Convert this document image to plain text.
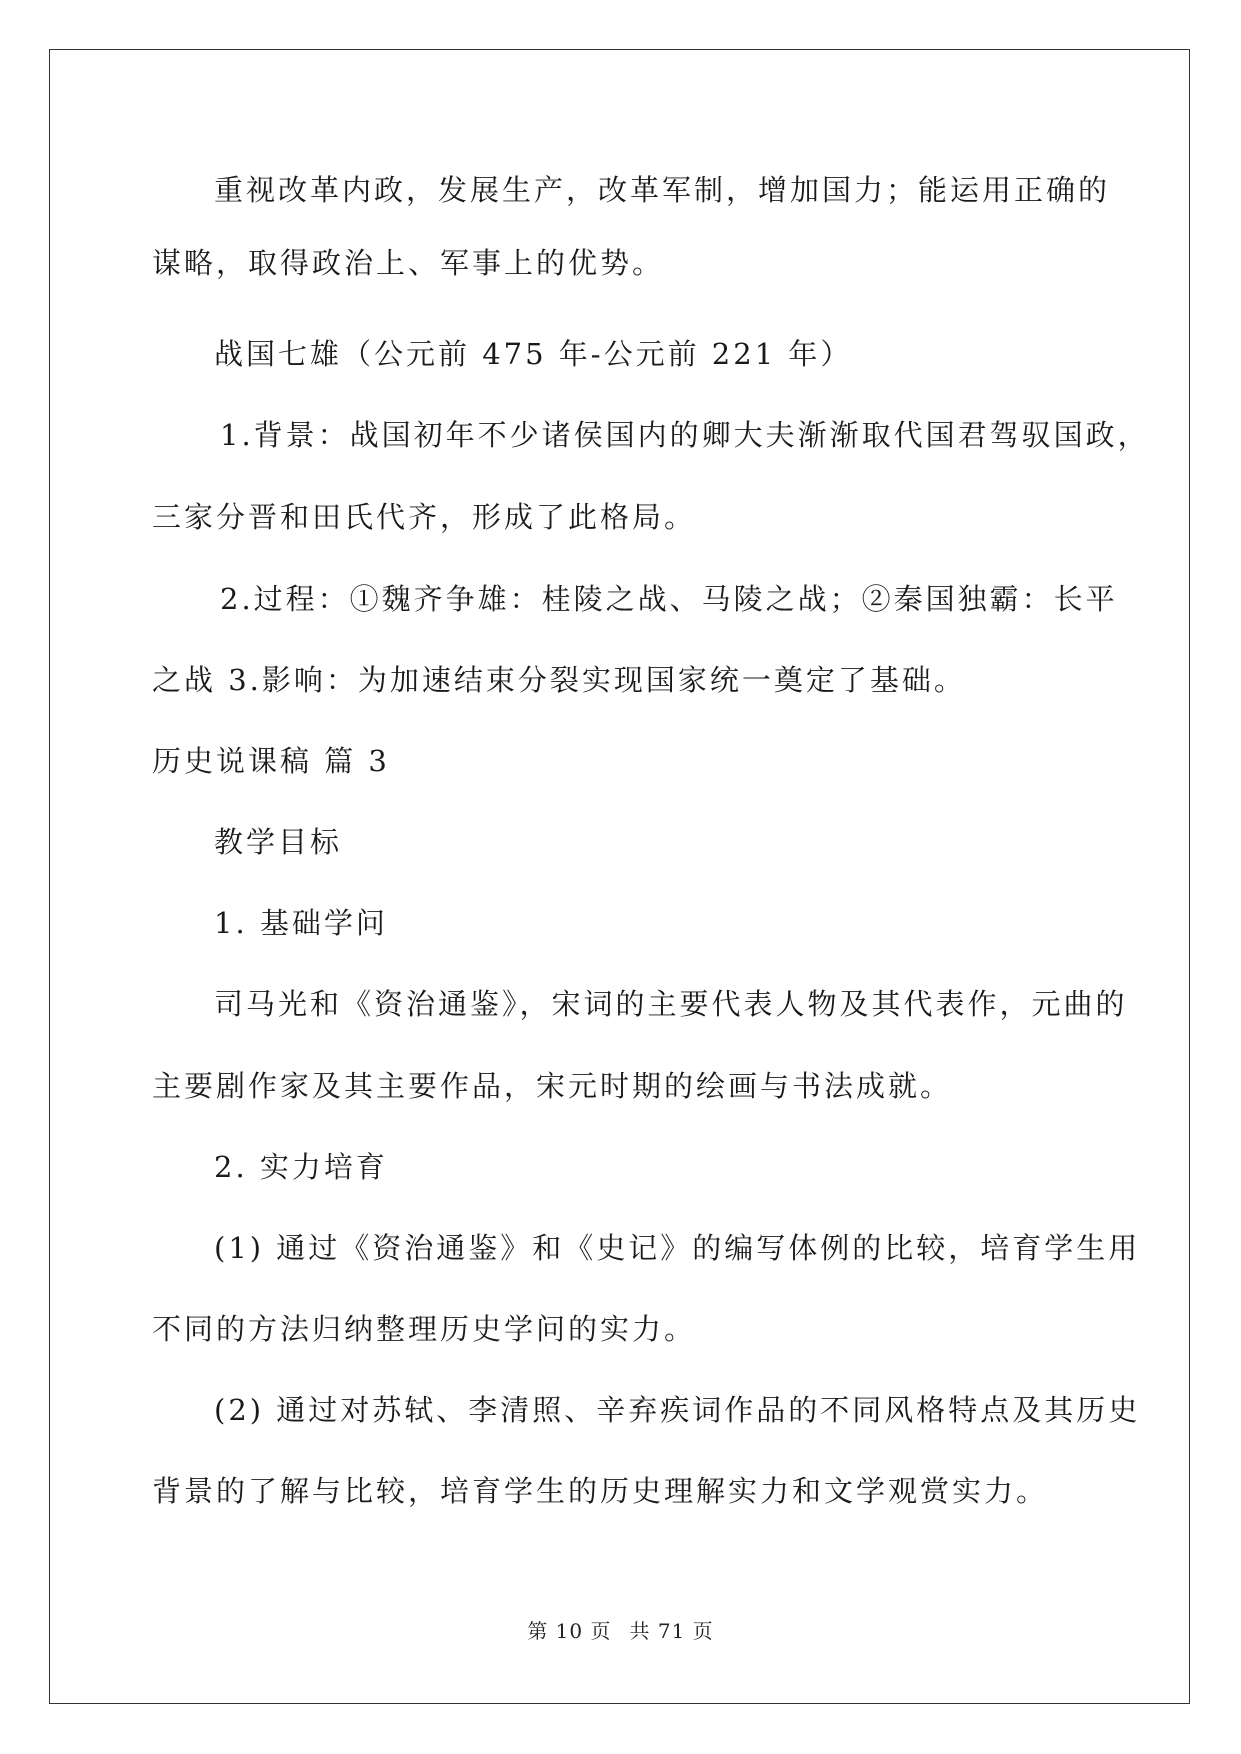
重视改革内政，发展生产，改革军制，增加国力；能运用正确的
谋略，取得政治上、军事上的优势。
战国七雄（公元前 475 年-公元前 221 年）
1.背景：战国初年不少诸侯国内的卿大夫渐渐取代国君驾驭国政，
三家分晋和田氏代齐，形成了此格局。
2.过程：①魏齐争雄：桂陵之战、马陵之战；②秦国独霸：长平
之战 3.影响：为加速结束分裂实现国家统一奠定了基础。
历史说课稿 篇 3
教学目标
1. 基础学问
司马光和《资治通鉴》，宋词的主要代表人物及其代表作，元曲的
主要剧作家及其主要作品，宋元时期的绘画与书法成就。
2. 实力培育
(1) 通过《资治通鉴》和《史记》的编写体例的比较，培育学生用
不同的方法归纳整理历史学问的实力。
(2) 通过对苏轼、李清照、辛弃疾词作品的不同风格特点及其历史
背景的了解与比较，培育学生的历史理解实力和文学观赏实力。
第 10 页 共 71 页
